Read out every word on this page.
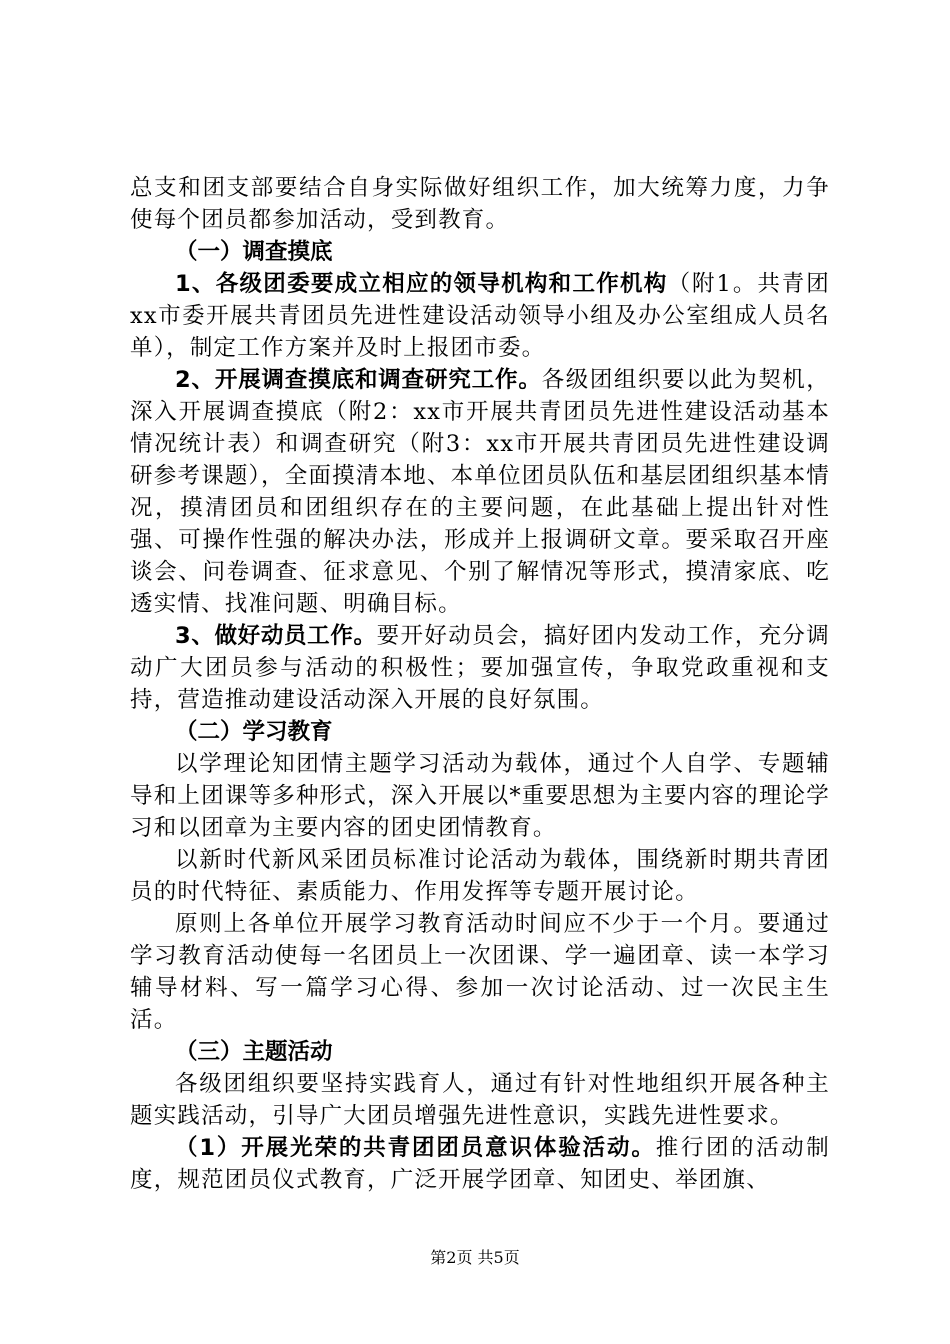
总支和团支部要结合自身实际做好组织工作，加大统筹力度，力争使每个团员都参加活动，受到教育。

（一）调查摸底

1、各级团委要成立相应的领导机构和工作机构（附1。共青团xx市委开展共青团员先进性建设活动领导小组及办公室组成人员名单），制定工作方案并及时上报团市委。

2、开展调查摸底和调查研究工作。各级团组织要以此为契机，深入开展调查摸底（附2：xx市开展共青团员先进性建设活动基本情况统计表）和调查研究（附3：xx市开展共青团员先进性建设调研参考课题），全面摸清本地、本单位团员队伍和基层团组织基本情况，摸清团员和团组织存在的主要问题，在此基础上提出针对性强、可操作性强的解决办法，形成并上报调研文章。要采取召开座谈会、问卷调查、征求意见、个别了解情况等形式，摸清家底、吃透实情、找准问题、明确目标。

3、做好动员工作。要开好动员会，搞好团内发动工作，充分调动广大团员参与活动的积极性；要加强宣传，争取党政重视和支持，营造推动建设活动深入开展的良好氛围。

（二）学习教育

以学理论知团情主题学习活动为载体，通过个人自学、专题辅导和上团课等多种形式，深入开展以*重要思想为主要内容的理论学习和以团章为主要内容的团史团情教育。

以新时代新风采团员标准讨论活动为载体，围绕新时期共青团员的时代特征、素质能力、作用发挥等专题开展讨论。

原则上各单位开展学习教育活动时间应不少于一个月。要通过学习教育活动使每一名团员上一次团课、学一遍团章、读一本学习辅导材料、写一篇学习心得、参加一次讨论活动、过一次民主生活。

（三）主题活动

各级团组织要坚持实践育人，通过有针对性地组织开展各种主题实践活动，引导广大团员增强先进性意识，实践先进性要求。

（1）开展光荣的共青团团员意识体验活动。推行团的活动制度，规范团员仪式教育，广泛开展学团章、知团史、举团旗、

第2页 共5页
